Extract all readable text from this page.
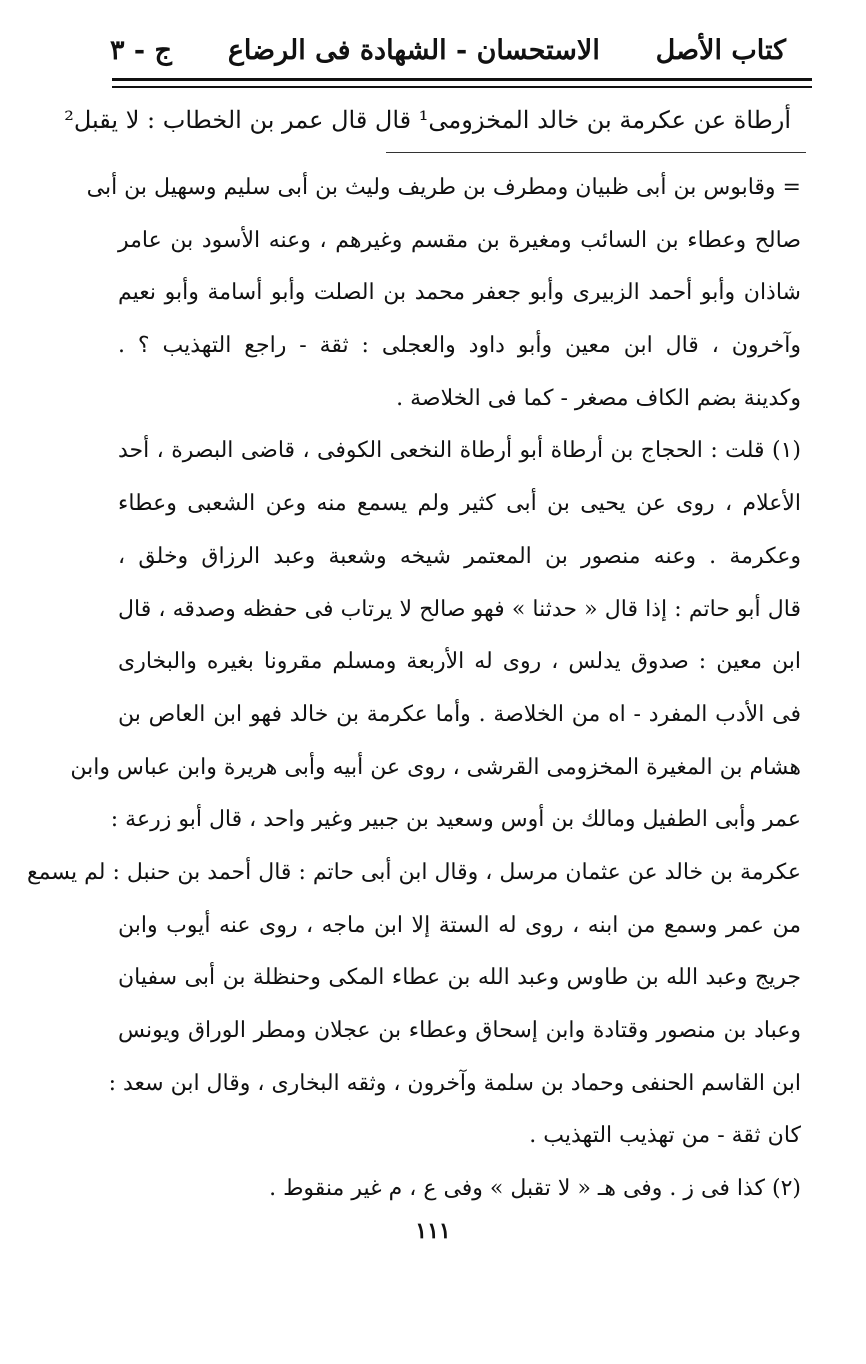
كتاب الأصل
الاستحسان - الشهادة فى الرضاع
ج - ٣
أرطاة عن عكرمة بن خالد المخزومى¹ قال قال عمر بن الخطاب : لا يقبل²
= وقابوس بن أبى ظبيان ومطرف بن طريف وليث بن أبى سليم وسهيل بن أبى
صالح وعطاء بن السائب ومغيرة بن مقسم وغيرهم ، وعنه الأسود بن عامر
شاذان وأبو أحمد الزبيرى وأبو جعفر محمد بن الصلت وأبو أسامة وأبو نعيم
وآخرون ، قال ابن معين وأبو داود والعجلى : ثقة - راجع التهذيب ؟ .
وكدينة بضم الكاف مصغر - كما فى الخلاصة .
(١) قلت : الحجاج بن أرطاة أبو أرطاة النخعى الكوفى ، قاضى البصرة ، أحد
الأعلام ، روى عن يحيى بن أبى كثير ولم يسمع منه وعن الشعبى وعطاء
وعكرمة . وعنه منصور بن المعتمر شيخه وشعبة وعبد الرزاق وخلق ،
قال أبو حاتم : إذا قال « حدثنا » فهو صالح لا يرتاب فى حفظه وصدقه ، قال
ابن معين : صدوق يدلس ، روى له الأربعة ومسلم مقرونا بغيره والبخارى
فى الأدب المفرد - اه من الخلاصة . وأما عكرمة بن خالد فهو ابن العاص بن
هشام بن المغيرة المخزومى القرشى ، روى عن أبيه وأبى هريرة وابن عباس وابن
عمر وأبى الطفيل ومالك بن أوس وسعيد بن جبير وغير واحد ، قال أبو زرعة :
عكرمة بن خالد عن عثمان مرسل ، وقال ابن أبى حاتم : قال أحمد بن حنبل : لم يسمع
من عمر وسمع من ابنه ، روى له الستة إلا ابن ماجه ، روى عنه أيوب وابن
جريج وعبد الله بن طاوس وعبد الله بن عطاء المكى وحنظلة بن أبى سفيان
وعباد بن منصور وقتادة وابن إسحاق وعطاء بن عجلان ومطر الوراق ويونس
ابن القاسم الحنفى وحماد بن سلمة وآخرون ، وثقه البخارى ، وقال ابن سعد :
كان ثقة - من تهذيب التهذيب .
(٢) كذا فى ز . وفى هـ « لا تقبل » وفى ع ، م غير منقوط .
١١١
